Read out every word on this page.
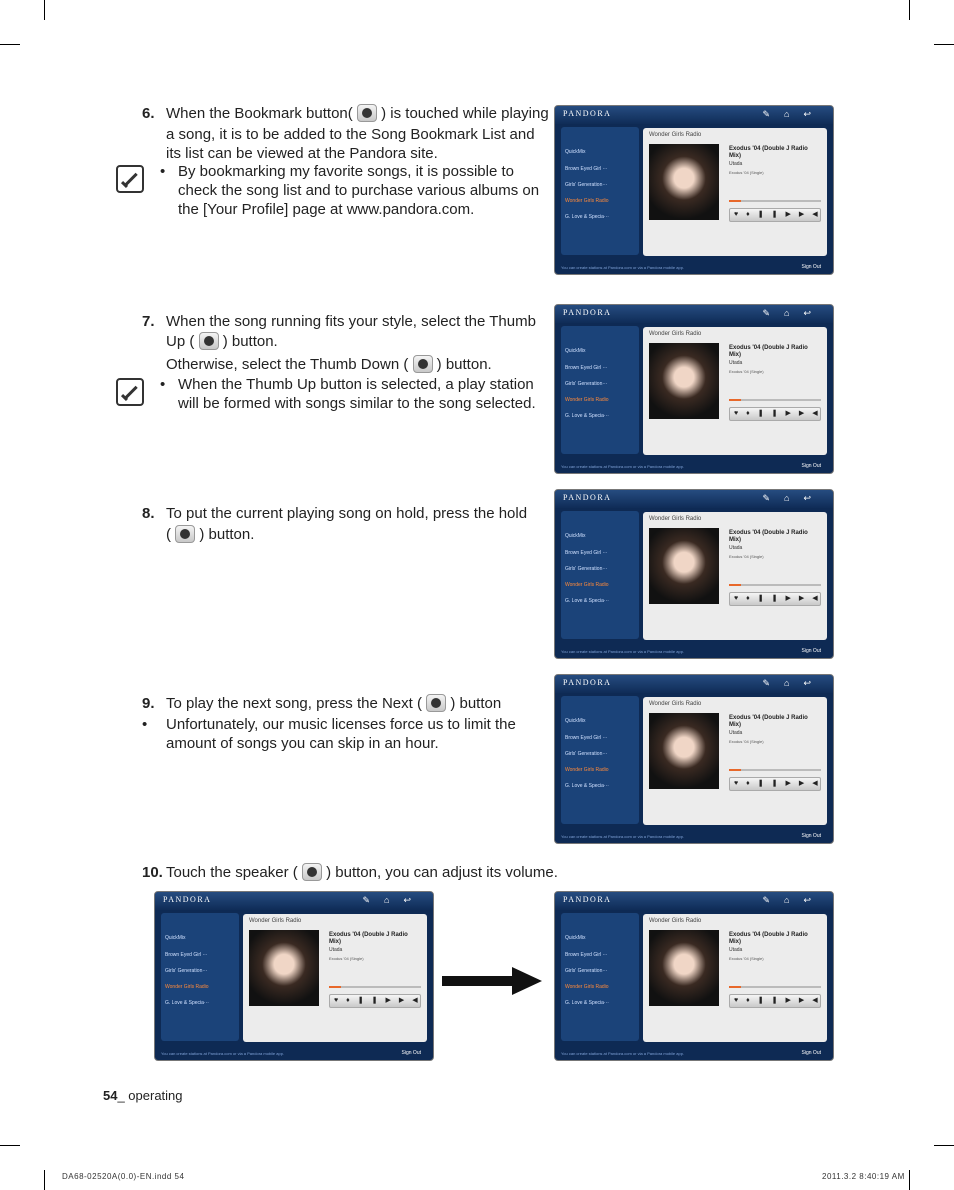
6. When the Bookmark button( ) is touched while playing
a song, it is to be added to the Song Bookmark List and
its list can be viewed at the Pandora site.
• By bookmarking my favorite songs, it is possible to
check the song list and to purchase various albums on
the [Your Profile] page at www.pandora.com.
7. When the song running fits your style, select the Thumb
Up ( ) button.
Otherwise, select the Thumb Down ( ) button.
• When the Thumb Up button is selected, a play station
will be formed with songs similar to the song selected.
8. To put the current playing song on hold, press the hold
( ) button.
9. To play the next song, press the Next ( ) button
• Unfortunately, our music licenses force us to limit the
amount of songs you can skip in an hour.
10. Touch the speaker ( ) button, you can adjust its volume.
PANDORA	✎⌂↩
QuickMix
Brown Eyed Girl ···
Girls' Generation···
Wonder Girls Radio
G. Love & Specia···
Wonder Girls Radio
Exodus '04 (Double J Radio Mix)
Utada
Exodus '04 (Single)
♥♦❚❚▶▶◀
You can create stations at Pandora.com or via a Pandora mobile app.	Sign Out
PANDORA	✎⌂↩
QuickMix
Brown Eyed Girl ···
Girls' Generation···
Wonder Girls Radio
G. Love & Specia···
Wonder Girls Radio
Exodus '04 (Double J Radio Mix)
Utada
Exodus '04 (Single)
♥♦❚❚▶▶◀
You can create stations at Pandora.com or via a Pandora mobile app.	Sign Out
PANDORA	✎⌂↩
QuickMix
Brown Eyed Girl ···
Girls' Generation···
Wonder Girls Radio
G. Love & Specia···
Wonder Girls Radio
Exodus '04 (Double J Radio Mix)
Utada
Exodus '04 (Single)
♥♦❚❚▶▶◀
You can create stations at Pandora.com or via a Pandora mobile app.	Sign Out
PANDORA	✎⌂↩
QuickMix
Brown Eyed Girl ···
Girls' Generation···
Wonder Girls Radio
G. Love & Specia···
Wonder Girls Radio
Exodus '04 (Double J Radio Mix)
Utada
Exodus '04 (Single)
♥♦❚❚▶▶◀
You can create stations at Pandora.com or via a Pandora mobile app.	Sign Out
PANDORA	✎⌂↩
QuickMix
Brown Eyed Girl ···
Girls' Generation···
Wonder Girls Radio
G. Love & Specia···
Wonder Girls Radio
Exodus '04 (Double J Radio Mix)
Utada
Exodus '04 (Single)
♥♦❚❚▶▶◀
You can create stations at Pandora.com or via a Pandora mobile app.	Sign Out
PANDORA	✎⌂↩
QuickMix
Brown Eyed Girl ···
Girls' Generation···
Wonder Girls Radio
G. Love & Specia···
Wonder Girls Radio
Exodus '04 (Double J Radio Mix)
Utada
Exodus '04 (Single)
♥♦❚❚▶▶◀
You can create stations at Pandora.com or via a Pandora mobile app.	Sign Out
54_ operating
DA68-02520A(0.0)-EN.indd 54	2011.3.2 8:40:19 AM
